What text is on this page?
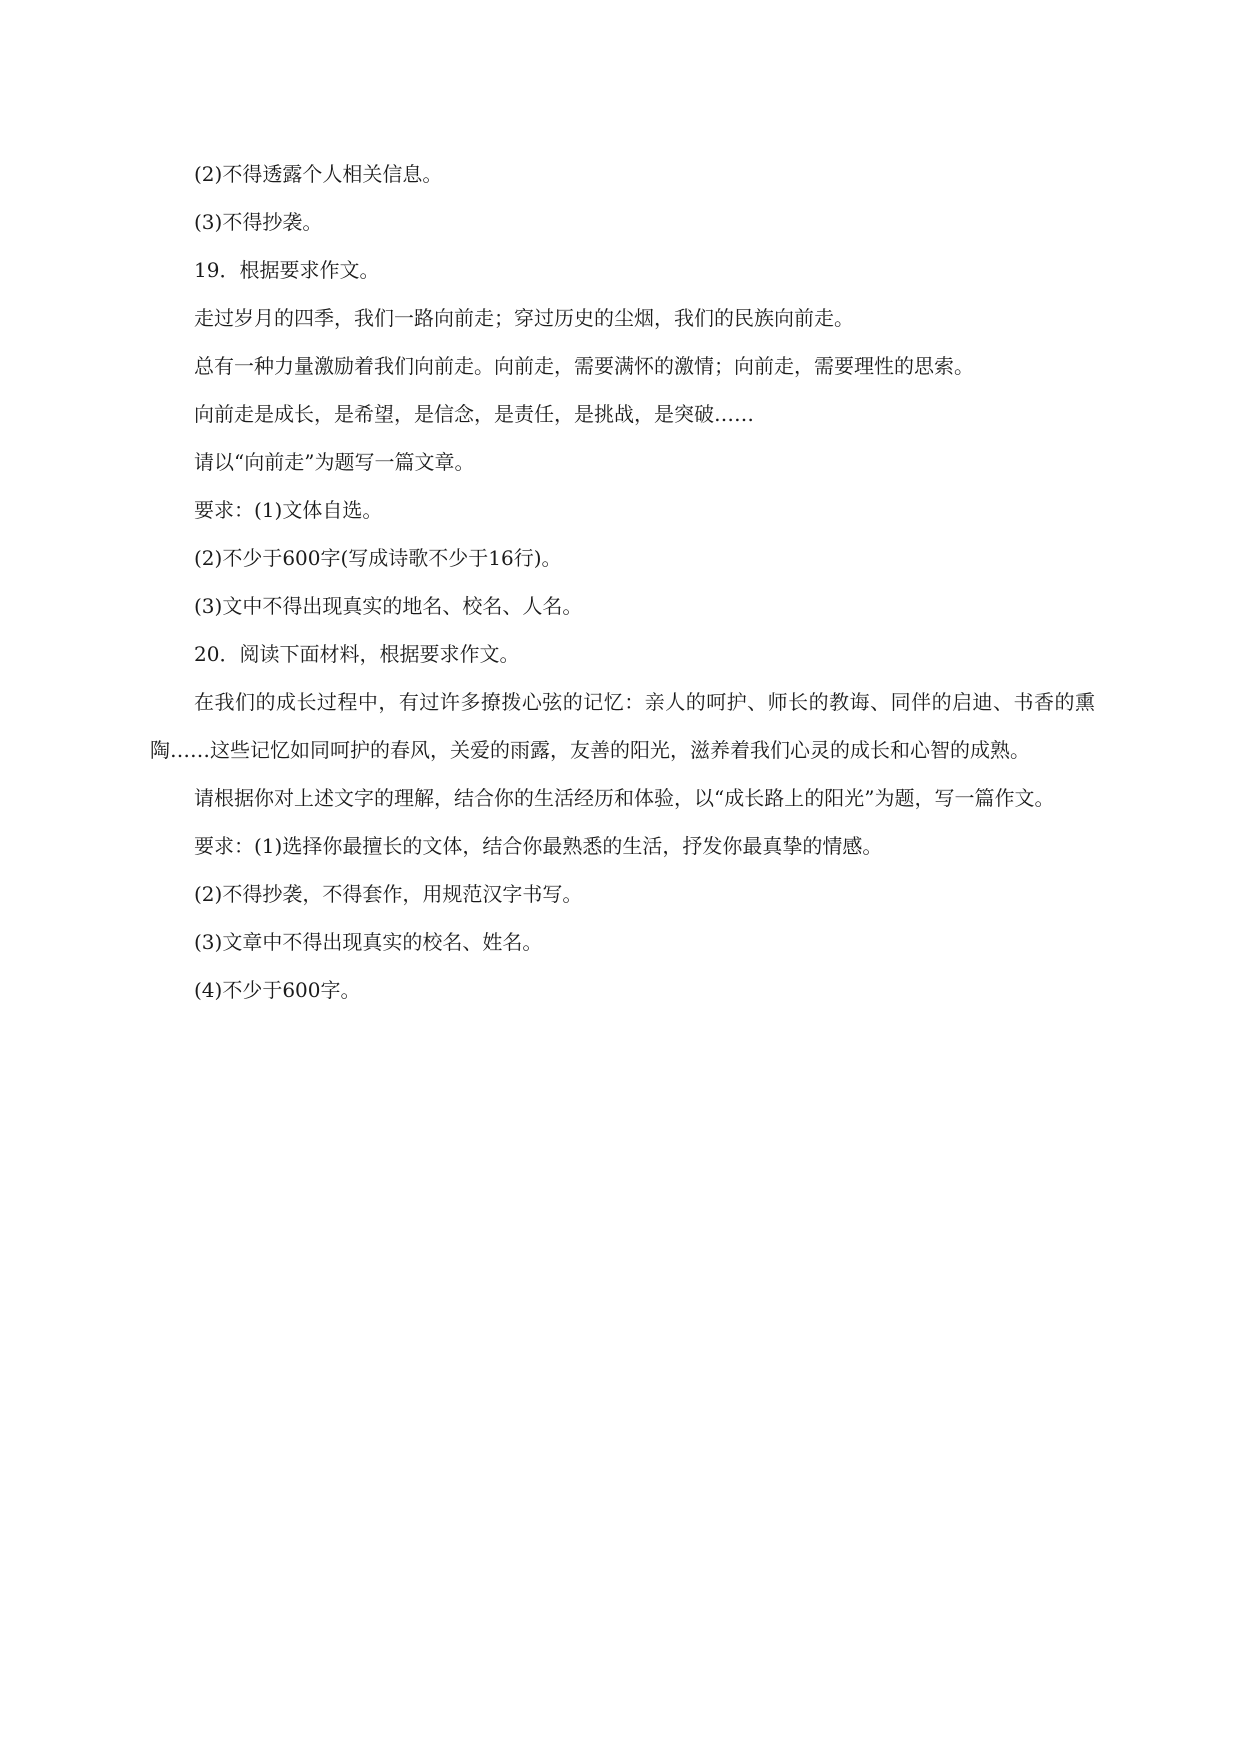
(2)不得透露个人相关信息。

(3)不得抄袭。

19．根据要求作文。

走过岁月的四季，我们一路向前走；穿过历史的尘烟，我们的民族向前走。

总有一种力量激励着我们向前走。向前走，需要满怀的激情；向前走，需要理性的思索。

向前走是成长，是希望，是信念，是责任，是挑战，是突破……

请以“向前走”为题写一篇文章。

要求：(1)文体自选。

(2)不少于600字(写成诗歌不少于16行)。

(3)文中不得出现真实的地名、校名、人名。

20．阅读下面材料，根据要求作文。

在我们的成长过程中，有过许多撩拨心弦的记忆：亲人的呵护、师长的教诲、同伴的启迪、书香的熏陶……这些记忆如同呵护的春风，关爱的雨露，友善的阳光，滋养着我们心灵的成长和心智的成熟。

请根据你对上述文字的理解，结合你的生活经历和体验，以“成长路上的阳光”为题，写一篇作文。

要求：(1)选择你最擅长的文体，结合你最熟悉的生活，抒发你最真挚的情感。

(2)不得抄袭，不得套作，用规范汉字书写。

(3)文章中不得出现真实的校名、姓名。

(4)不少于600字。
